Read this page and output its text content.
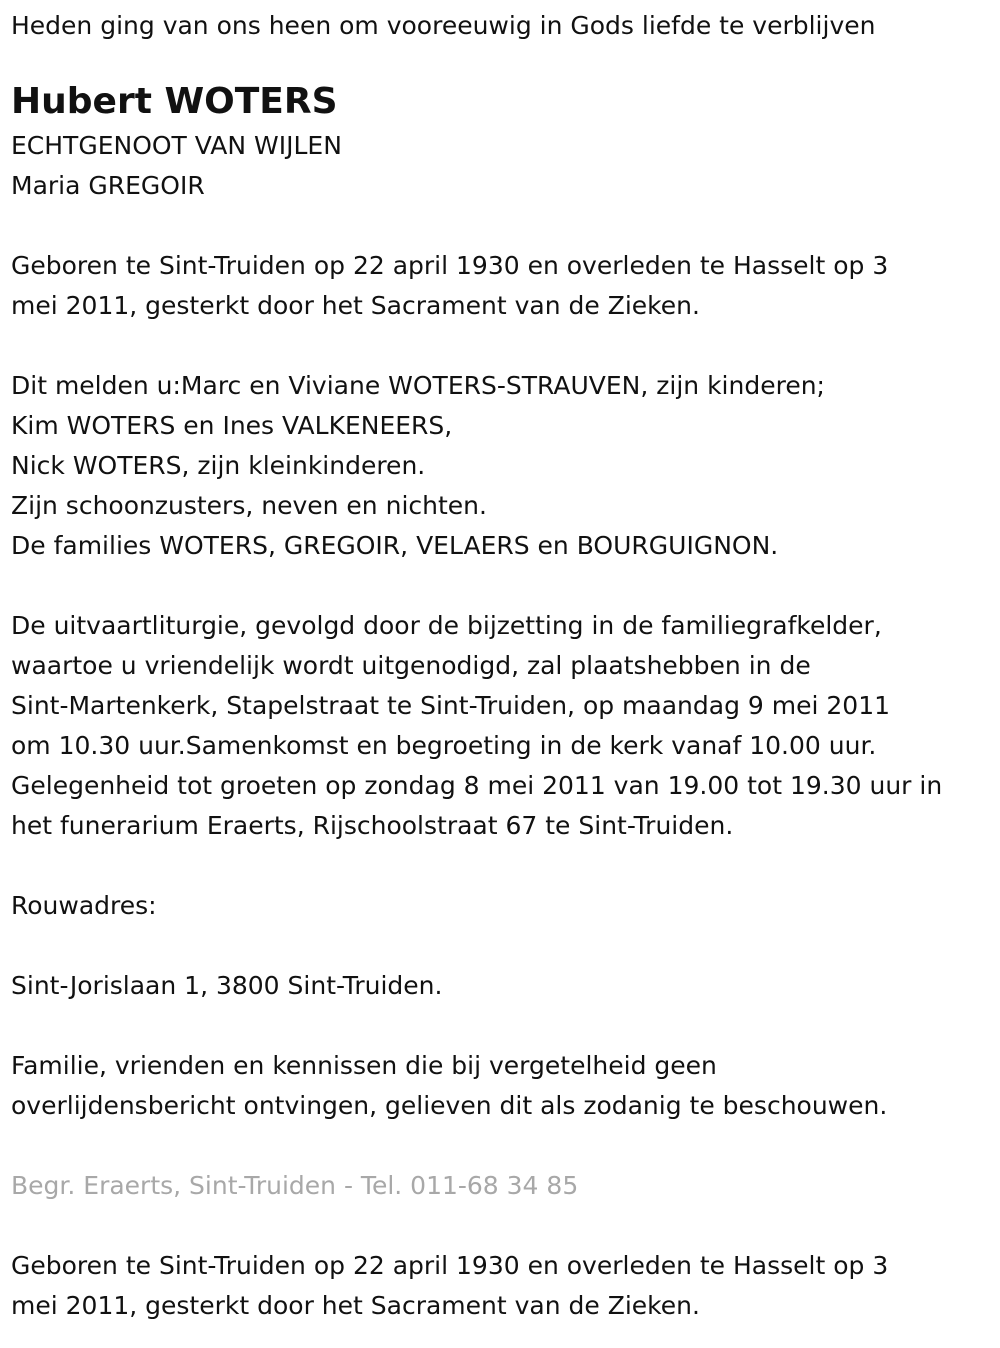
Heden ging van ons heen om vooreeuwig in Gods liefde te verblijven

Hubert WOTERS

ECHTGENOOT VAN WIJLEN

Maria GREGOIR

Geboren te Sint-Truiden op 22 april 1930 en overleden te Hasselt op 3

mei 2011, gesterkt door het Sacrament van de Zieken.

Dit melden u:Marc en Viviane WOTERS-STRAUVEN, zijn kinderen;

Kim WOTERS en Ines VALKENEERS,

Nick WOTERS, zijn kleinkinderen.

Zijn schoonzusters, neven en nichten.

De families WOTERS, GREGOIR, VELAERS en BOURGUIGNON.

De uitvaartliturgie, gevolgd door de bijzetting in de familiegrafkelder,

waartoe u vriendelijk wordt uitgenodigd, zal plaatshebben in de

Sint-Martenkerk, Stapelstraat te Sint-Truiden, op maandag 9 mei 2011

om 10.30 uur.Samenkomst en begroeting in de kerk vanaf 10.00 uur.

Gelegenheid tot groeten op zondag 8 mei 2011 van 19.00 tot 19.30 uur in

het funerarium Eraerts, Rijschoolstraat 67 te Sint-Truiden.

Rouwadres:

Sint-Jorislaan 1, 3800 Sint-Truiden.

Familie, vrienden en kennissen die bij vergetelheid geen

overlijdensbericht ontvingen, gelieven dit als zodanig te beschouwen.

Begr. Eraerts, Sint-Truiden - Tel. 011-68 34 85

Geboren te Sint-Truiden op 22 april 1930 en overleden te Hasselt op 3

mei 2011, gesterkt door het Sacrament van de Zieken.
